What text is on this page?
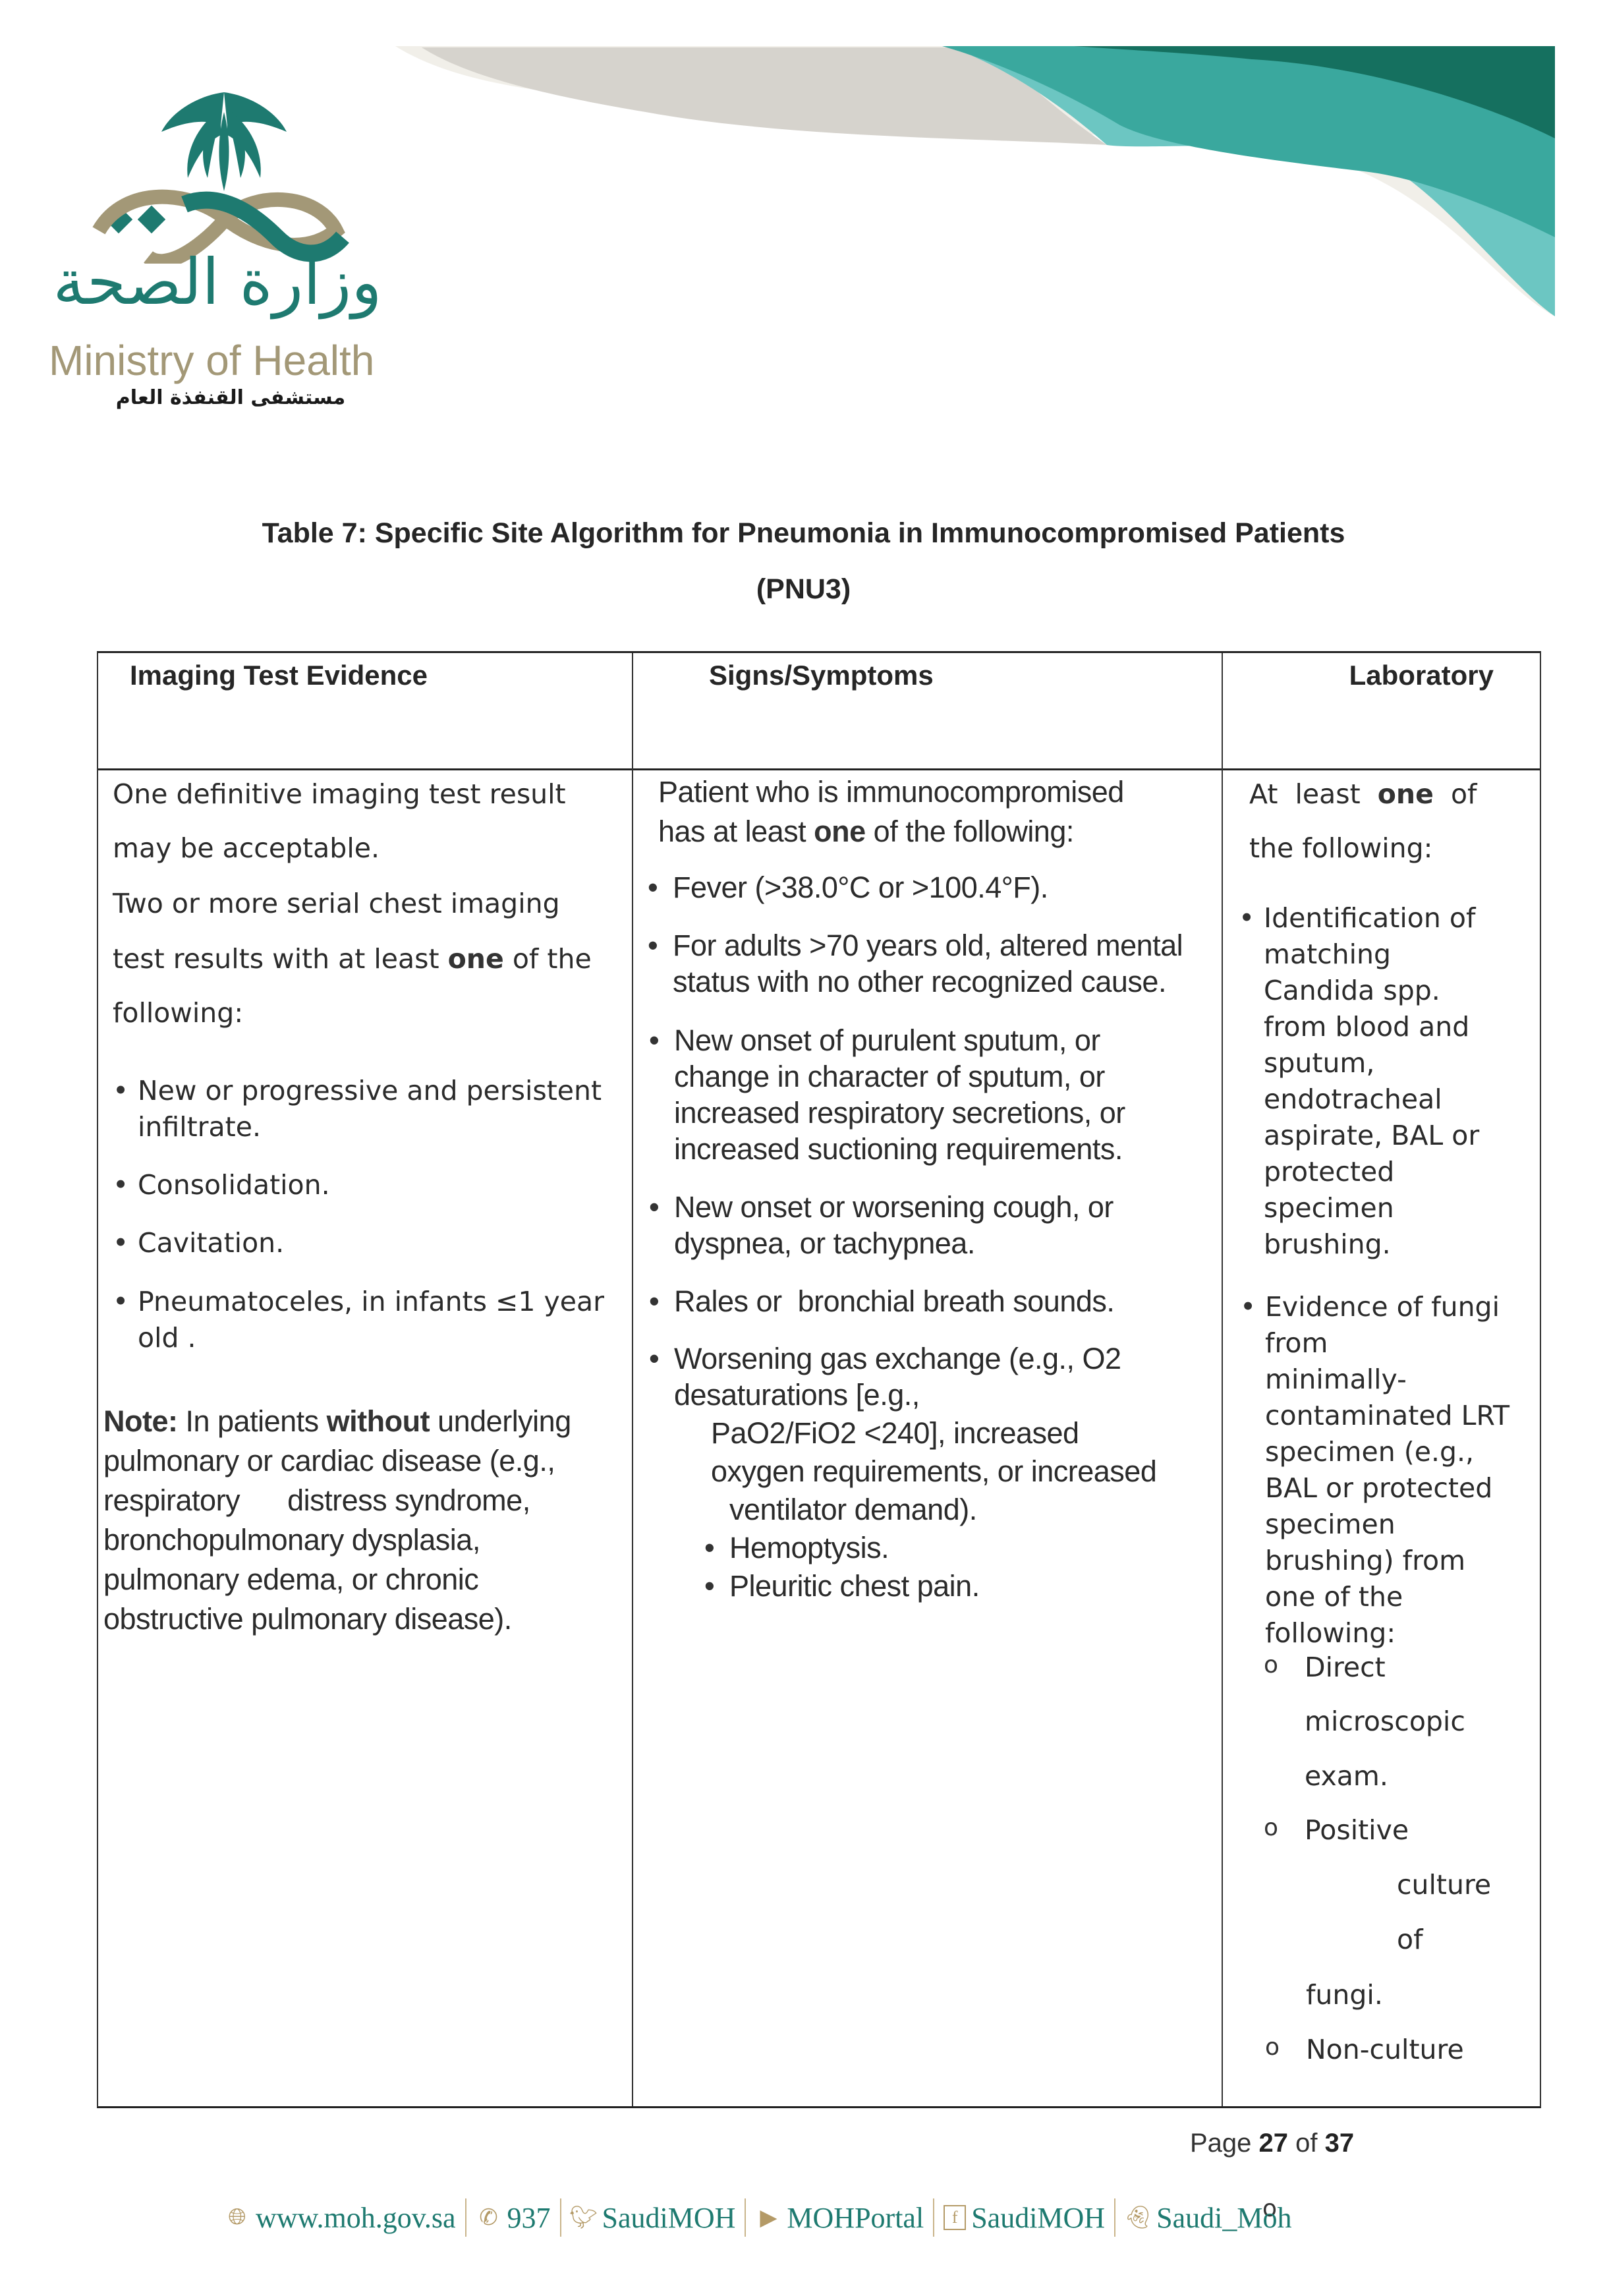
وزارة الصحة
Ministry of Health
مستشفى القنفذة العام
Table 7: Specific Site Algorithm for Pneumonia in Immunocompromised Patients
(PNU3)
Imaging Test Evidence
One definitive imaging test result
may be acceptable.
Two or more serial chest imaging
test results with at least one of the
following:
• New or progressive and persistent
infiltrate.
• Consolidation.
• Cavitation.
• Pneumatoceles, in infants ≤1 year
old .
Note: In patients without underlying
pulmonary or cardiac disease (e.g.,
respiratory      distress syndrome,
bronchopulmonary dysplasia,
pulmonary edema, or chronic
obstructive pulmonary disease).
Signs/Symptoms
Patient who is immunocompromised
has at least one of the following:
• Fever (>38.0°C or >100.4°F).
• For adults >70 years old, altered mental
status with no other recognized cause.
• New onset of purulent sputum, or
change in character of sputum, or
increased respiratory secretions, or
increased suctioning requirements.
• New onset or worsening cough, or
dyspnea, or tachypnea.
• Rales or  bronchial breath sounds.
• Worsening gas exchange (e.g., O2
desaturations [e.g.,
PaO2/FiO2 <240], increased
oxygen requirements, or increased
ventilator demand).
• Hemoptysis.
• Pleuritic chest pain.
Laboratory
At  least  one  of
the following:
• Identification of
matching
Candida spp.
from blood and
sputum,
endotracheal
aspirate, BAL or
protected
specimen
brushing.
• Evidence of fungi
from
minimally-
contaminated LRT
specimen (e.g.,
BAL or protected
specimen
brushing) from
one of the
following:
o Direct
microscopic
exam.
o Positive
culture
of
fungi.
o Non-culture
Page 27 of 37
🌐︎ www.moh.gov.sa ✆ 937 🐦︎ SaudiMOH ▶ MOHPortal	f SaudiMOH 👻︎ Saudi_Moh
